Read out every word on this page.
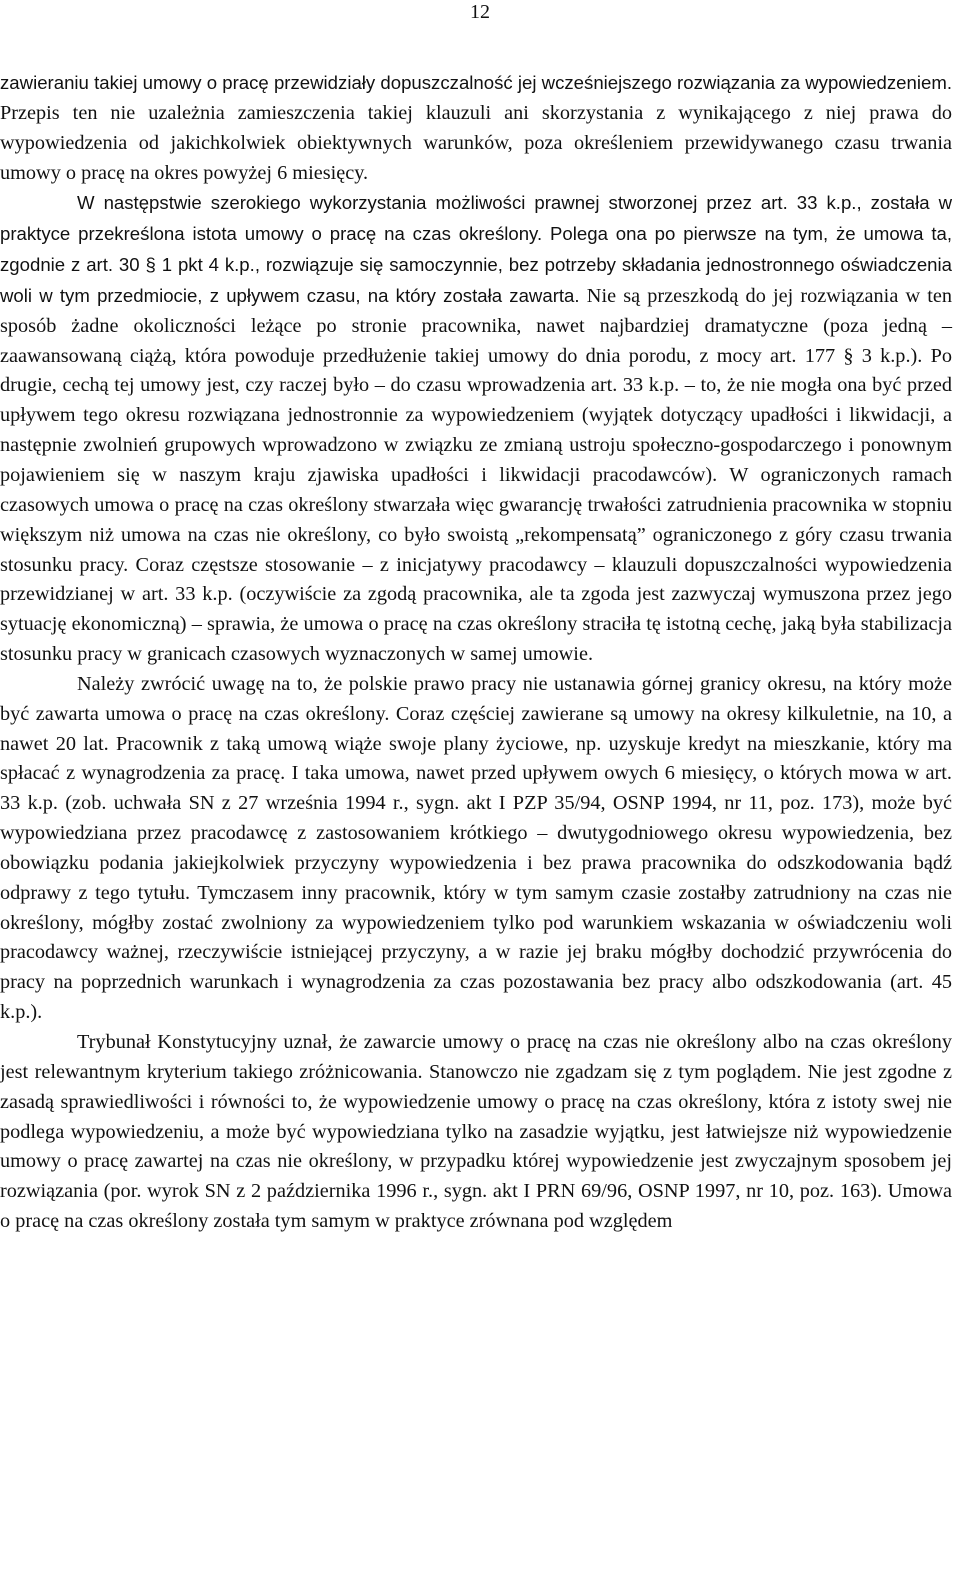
12

zawieraniu takiej umowy o pracę przewidziały dopuszczalność jej wcześniejszego rozwiązania za wypowiedzeniem. Przepis ten nie uzależnia zamieszczenia takiej klauzuli ani skorzystania z wynikającego z niej prawa do wypowiedzenia od jakichkolwiek obiektywnych warunków, poza określeniem przewidywanego czasu trwania umowy o pracę na okres powyżej 6 miesięcy.

W następstwie szerokiego wykorzystania możliwości prawnej stworzonej przez art. 33 k.p., została w praktyce przekreślona istota umowy o pracę na czas określony. Polega ona po pierwsze na tym, że umowa ta, zgodnie z art. 30 § 1 pkt 4 k.p., rozwiązuje się samoczynnie, bez potrzeby składania jednostronnego oświadczenia woli w tym przedmiocie, z upływem czasu, na który została zawarta. Nie są przeszkodą do jej rozwiązania w ten sposób żadne okoliczności leżące po stronie pracownika, nawet najbardziej dramatyczne (poza jedną – zaawansowaną ciążą, która powoduje przedłużenie takiej umowy do dnia porodu, z mocy art. 177 § 3 k.p.). Po drugie, cechą tej umowy jest, czy raczej było – do czasu wprowadzenia art. 33 k.p. – to, że nie mogła ona być przed upływem tego okresu rozwiązana jednostronnie za wypowiedzeniem (wyjątek dotyczący upadłości i likwidacji, a następnie zwolnień grupowych wprowadzono w związku ze zmianą ustroju społeczno-gospodarczego i ponownym pojawieniem się w naszym kraju zjawiska upadłości i likwidacji pracodawców). W ograniczonych ramach czasowych umowa o pracę na czas określony stwarzała więc gwarancję trwałości zatrudnienia pracownika w stopniu większym niż umowa na czas nie określony, co było swoistą „rekompensatą” ograniczonego z góry czasu trwania stosunku pracy. Coraz częstsze stosowanie – z inicjatywy pracodawcy – klauzuli dopuszczalności wypowiedzenia przewidzianej w art. 33 k.p. (oczywiście za zgodą pracownika, ale ta zgoda jest zazwyczaj wymuszona przez jego sytuację ekonomiczną) – sprawia, że umowa o pracę na czas określony straciła tę istotną cechę, jaką była stabilizacja stosunku pracy w granicach czasowych wyznaczonych w samej umowie.

Należy zwrócić uwagę na to, że polskie prawo pracy nie ustanawia górnej granicy okresu, na który może być zawarta umowa o pracę na czas określony. Coraz częściej zawierane są umowy na okresy kilkuletnie, na 10, a nawet 20 lat. Pracownik z taką umową wiąże swoje plany życiowe, np. uzyskuje kredyt na mieszkanie, który ma spłacać z wynagrodzenia za pracę. I taka umowa, nawet przed upływem owych 6 miesięcy, o których mowa w art. 33 k.p. (zob. uchwała SN z 27 września 1994 r., sygn. akt I PZP 35/94, OSNP 1994, nr 11, poz. 173), może być wypowiedziana przez pracodawcę z zastosowaniem krótkiego – dwutygodniowego okresu wypowiedzenia, bez obowiązku podania jakiejkolwiek przyczyny wypowiedzenia i bez prawa pracownika do odszkodowania bądź odprawy z tego tytułu. Tymczasem inny pracownik, który w tym samym czasie zostałby zatrudniony na czas nie określony, mógłby zostać zwolniony za wypowiedzeniem tylko pod warunkiem wskazania w oświadczeniu woli pracodawcy ważnej, rzeczywiście istniejącej przyczyny, a w razie jej braku mógłby dochodzić przywrócenia do pracy na poprzednich warunkach i wynagrodzenia za czas pozostawania bez pracy albo odszkodowania (art. 45 k.p.).

Trybunał Konstytucyjny uznał, że zawarcie umowy o pracę na czas nie określony albo na czas określony jest relewantnym kryterium takiego zróżnicowania. Stanowczo nie zgadzam się z tym poglądem. Nie jest zgodne z zasadą sprawiedliwości i równości to, że wypowiedzenie umowy o pracę na czas określony, która z istoty swej nie podlega wypowiedzeniu, a może być wypowiedziana tylko na zasadzie wyjątku, jest łatwiejsze niż wypowiedzenie umowy o pracę zawartej na czas nie określony, w przypadku której wypowiedzenie jest zwyczajnym sposobem jej rozwiązania (por. wyrok SN z 2 października 1996 r., sygn. akt I PRN 69/96, OSNP 1997, nr 10, poz. 163). Umowa o pracę na czas określony została tym samym w praktyce zrównana pod względem
